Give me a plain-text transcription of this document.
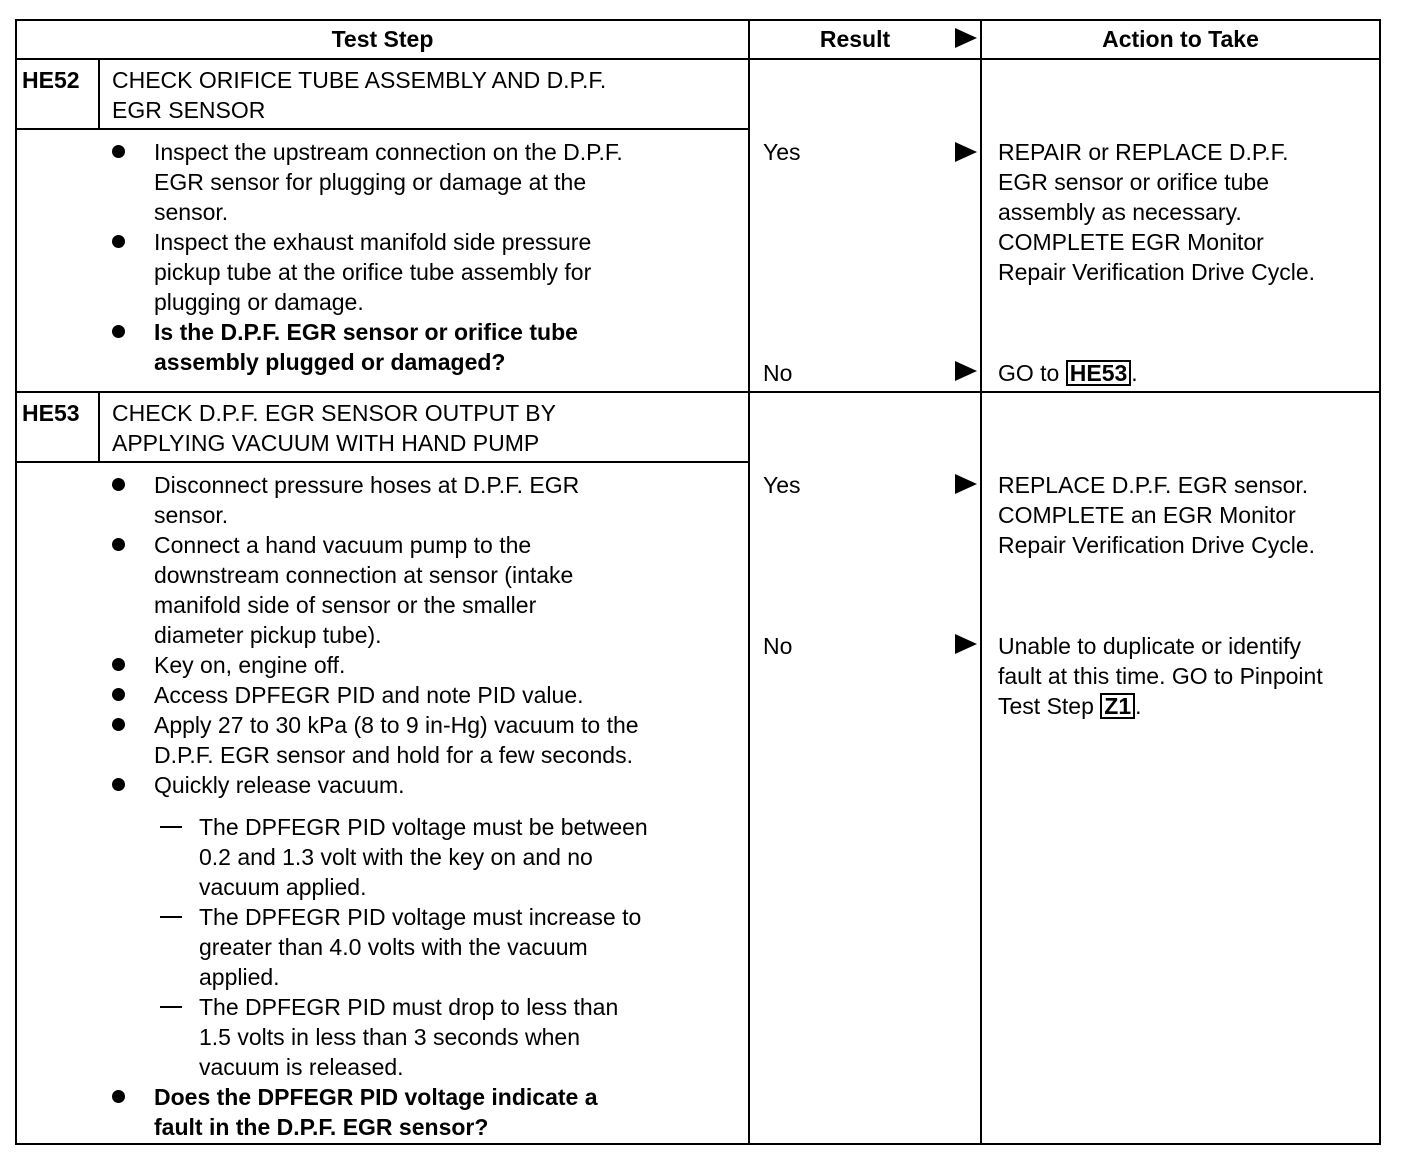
Test Step	Result	Action to Take
HE52 CHECK ORIFICE TUBE ASSEMBLY AND D.P.F.
EGR SENSOR
Inspect the upstream connection on the D.P.F.
EGR sensor for plugging or damage at the
sensor.
Inspect the exhaust manifold side pressure
pickup tube at the orifice tube assembly for
plugging or damage.
Is the D.P.F. EGR sensor or orifice tube
assembly plugged or damaged?
Yes	REPAIR or REPLACE D.P.F.
EGR sensor or orifice tube
assembly as necessary.
COMPLETE EGR Monitor
Repair Verification Drive Cycle.
No	GO to HE53 .
HE53 CHECK D.P.F. EGR SENSOR OUTPUT BY
APPLYING VACUUM WITH HAND PUMP
Disconnect pressure hoses at D.P.F. EGR
sensor.
Connect a hand vacuum pump to the
downstream connection at sensor (intake
manifold side of sensor or the smaller
diameter pickup tube).
Key on, engine off.
Access DPFEGR PID and note PID value.
Apply 27 to 30 kPa (8 to 9 in-Hg) vacuum to the
D.P.F. EGR sensor and hold for a few seconds.
Quickly release vacuum.
The DPFEGR PID voltage must be between
0.2 and 1.3 volt with the key on and no
vacuum applied.
The DPFEGR PID voltage must increase to
greater than 4.0 volts with the vacuum
applied.
The DPFEGR PID must drop to less than
1.5 volts in less than 3 seconds when
vacuum is released.
Does the DPFEGR PID voltage indicate a
fault in the D.P.F. EGR sensor?
Yes	REPLACE D.P.F. EGR sensor.
COMPLETE an EGR Monitor
Repair Verification Drive Cycle.
No	Unable to duplicate or identify
fault at this time. GO to Pinpoint
Test Step Z1 .
